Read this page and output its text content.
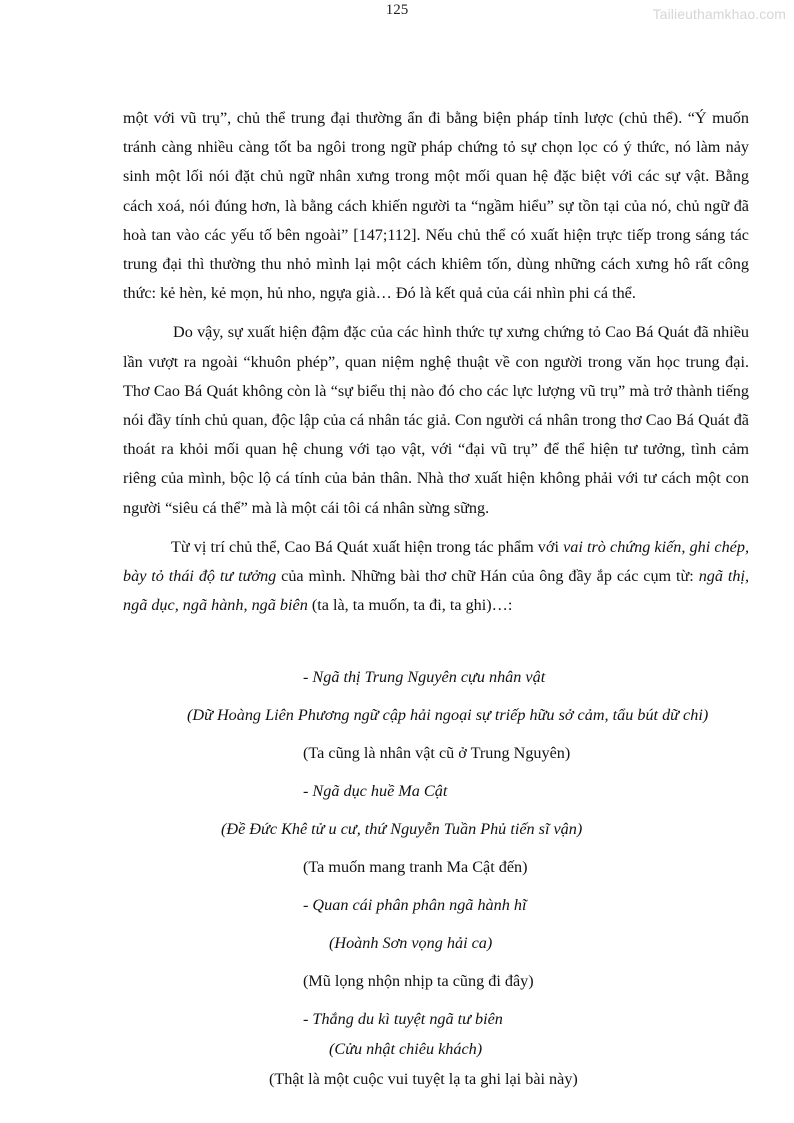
125	Tailieuthamkhao.com

một với vũ trụ”, chủ thể trung đại thường ẩn đi bằng biện pháp tỉnh lược (chủ thể). “Ý muốn tránh càng nhiều càng tốt ba ngôi trong ngữ pháp chứng tỏ sự chọn lọc có ý thức, nó làm nảy sinh một lối nói đặt chủ ngữ nhân xưng trong một mối quan hệ đặc biệt với các sự vật. Bằng cách xoá, nói đúng hơn, là bằng cách khiến người ta “ngầm hiểu” sự tồn tại của nó, chủ ngữ đã hoà tan vào các yếu tố bên ngoài” [147;112]. Nếu chủ thể có xuất hiện trực tiếp trong sáng tác trung đại thì thường thu nhỏ mình lại một cách khiêm tốn, dùng những cách xưng hô rất công thức: kẻ hèn, kẻ mọn, hủ nho, ngựa già… Đó là kết quả của cái nhìn phi cá thể.

Do vậy, sự xuất hiện đậm đặc của các hình thức tự xưng chứng tỏ Cao Bá Quát đã nhiều lần vượt ra ngoài “khuôn phép”, quan niệm nghệ thuật về con người trong văn học trung đại. Thơ Cao Bá Quát không còn là “sự biểu thị nào đó cho các lực lượng vũ trụ” mà trở thành tiếng nói đầy tính chủ quan, độc lập của cá nhân tác giả. Con người cá nhân trong thơ Cao Bá Quát đã thoát ra khỏi mối quan hệ chung với tạo vật, với “đại vũ trụ” để thể hiện tư tưởng, tình cảm riêng của mình, bộc lộ cá tính của bản thân. Nhà thơ xuất hiện không phải với tư cách một con người “siêu cá thể” mà là một cái tôi cá nhân sừng sững.

Từ vị trí chủ thể, Cao Bá Quát xuất hiện trong tác phẩm với vai trò chứng kiến, ghi chép, bày tỏ thái độ tư tưởng của mình. Những bài thơ chữ Hán của ông đầy ắp các cụm từ: ngã thị, ngã dục, ngã hành, ngã biên (ta là, ta muốn, ta đi, ta ghi)…:

- Ngã thị Trung Nguyên cựu nhân vật
(Dữ Hoàng Liên Phương ngữ cập hải ngoại sự triếp hữu sở cảm, tẩu bút dữ chi)
(Ta cũng là nhân vật cũ ở Trung Nguyên)
- Ngã dục huề Ma Cật
(Đề Đức Khê tử u cư, thứ Nguyễn Tuần Phủ tiến sĩ vận)
(Ta muốn mang tranh Ma Cật đến)
- Quan cái phân phân ngã hành hĩ
(Hoành Sơn vọng hải ca)
(Mũ lọng nhộn nhịp ta cũng đi đây)
- Thắng du kì tuyệt ngã tư biên
(Cửu nhật chiêu khách)
(Thật là một cuộc vui tuyệt lạ ta ghi lại bài này)
